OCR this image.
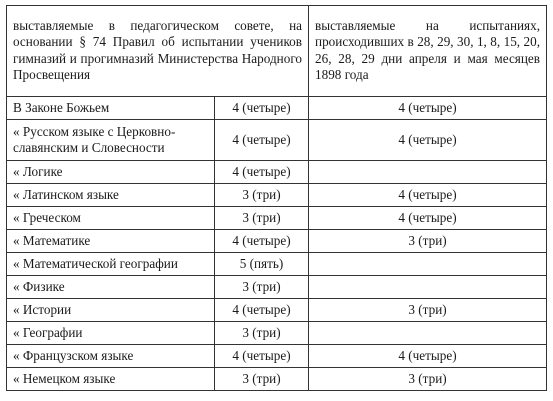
выставляемые в педагогическом совете, на основании § 74 Правил об испытании учеников гимназий и прогимназий Министерства Народного Просвещения		выставляемые на испытаниях, происходивших в 28, 29, 30, 1, 8, 15, 20, 26, 28, 29 дни апреля и мая месяцев 1898 года
В Законе Божьем	4 (четыре)	4 (четыре)
« Русском языке с Церковно-славянским и Словесности	4 (четыре)	4 (четыре)
« Логике	4 (четыре)	
« Латинском языке	3 (три)	4 (четыре)
« Греческом	3 (три)	4 (четыре)
« Математике	4 (четыре)	3 (три)
« Математической географии	5 (пять)	
« Физике	3 (три)	
« Истории	4 (четыре)	3 (три)
« Географии	3 (три)	
« Французском языке	4 (четыре)	4 (четыре)
« Немецком языке	3 (три)	3 (три)
